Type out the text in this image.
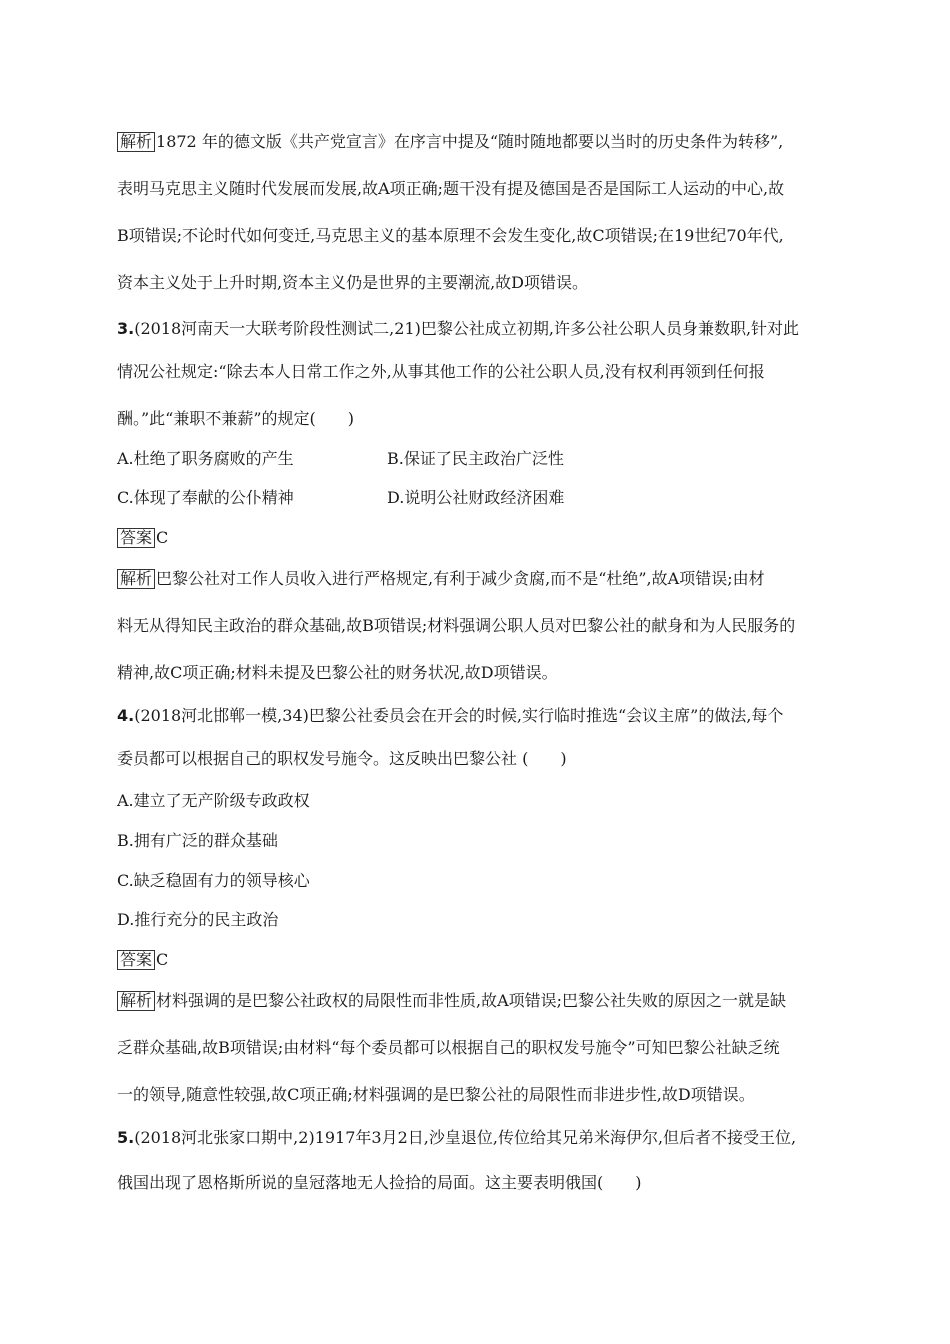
解析 1872 年的德文版《共产党宣言》在序言中提及“随时随地都要以当时的历史条件为转移”,
表明马克思主义随时代发展而发展,故A项正确;题干没有提及德国是否是国际工人运动的中心,故
B项错误;不论时代如何变迁,马克思主义的基本原理不会发生变化,故C项错误;在19世纪70年代,
资本主义处于上升时期,资本主义仍是世界的主要潮流,故D项错误。
3.(2018河南天一大联考阶段性测试二,21)巴黎公社成立初期,许多公社公职人员身兼数职,针对此
情况公社规定:“除去本人日常工作之外,从事其他工作的公社公职人员,没有权利再领到任何报
酬。”此“兼职不兼薪”的规定(　　)
A.杜绝了职务腐败的产生	B.保证了民主政治广泛性
C.体现了奉献的公仆精神	D.说明公社财政经济困难
答案 C
解析 巴黎公社对工作人员收入进行严格规定,有利于减少贪腐,而不是“杜绝”,故A项错误;由材
料无从得知民主政治的群众基础,故B项错误;材料强调公职人员对巴黎公社的献身和为人民服务的
精神,故C项正确;材料未提及巴黎公社的财务状况,故D项错误。
4.(2018河北邯郸一模,34)巴黎公社委员会在开会的时候,实行临时推选“会议主席”的做法,每个
委员都可以根据自己的职权发号施令。这反映出巴黎公社 (　　)
A.建立了无产阶级专政政权
B.拥有广泛的群众基础
C.缺乏稳固有力的领导核心
D.推行充分的民主政治
答案 C
解析 材料强调的是巴黎公社政权的局限性而非性质,故A项错误;巴黎公社失败的原因之一就是缺
乏群众基础,故B项错误;由材料“每个委员都可以根据自己的职权发号施令”可知巴黎公社缺乏统
一的领导,随意性较强,故C项正确;材料强调的是巴黎公社的局限性而非进步性,故D项错误。
5.(2018河北张家口期中,2)1917年3月2日,沙皇退位,传位给其兄弟米海伊尔,但后者不接受王位,
俄国出现了恩格斯所说的皇冠落地无人捡拾的局面。这主要表明俄国(　　)
